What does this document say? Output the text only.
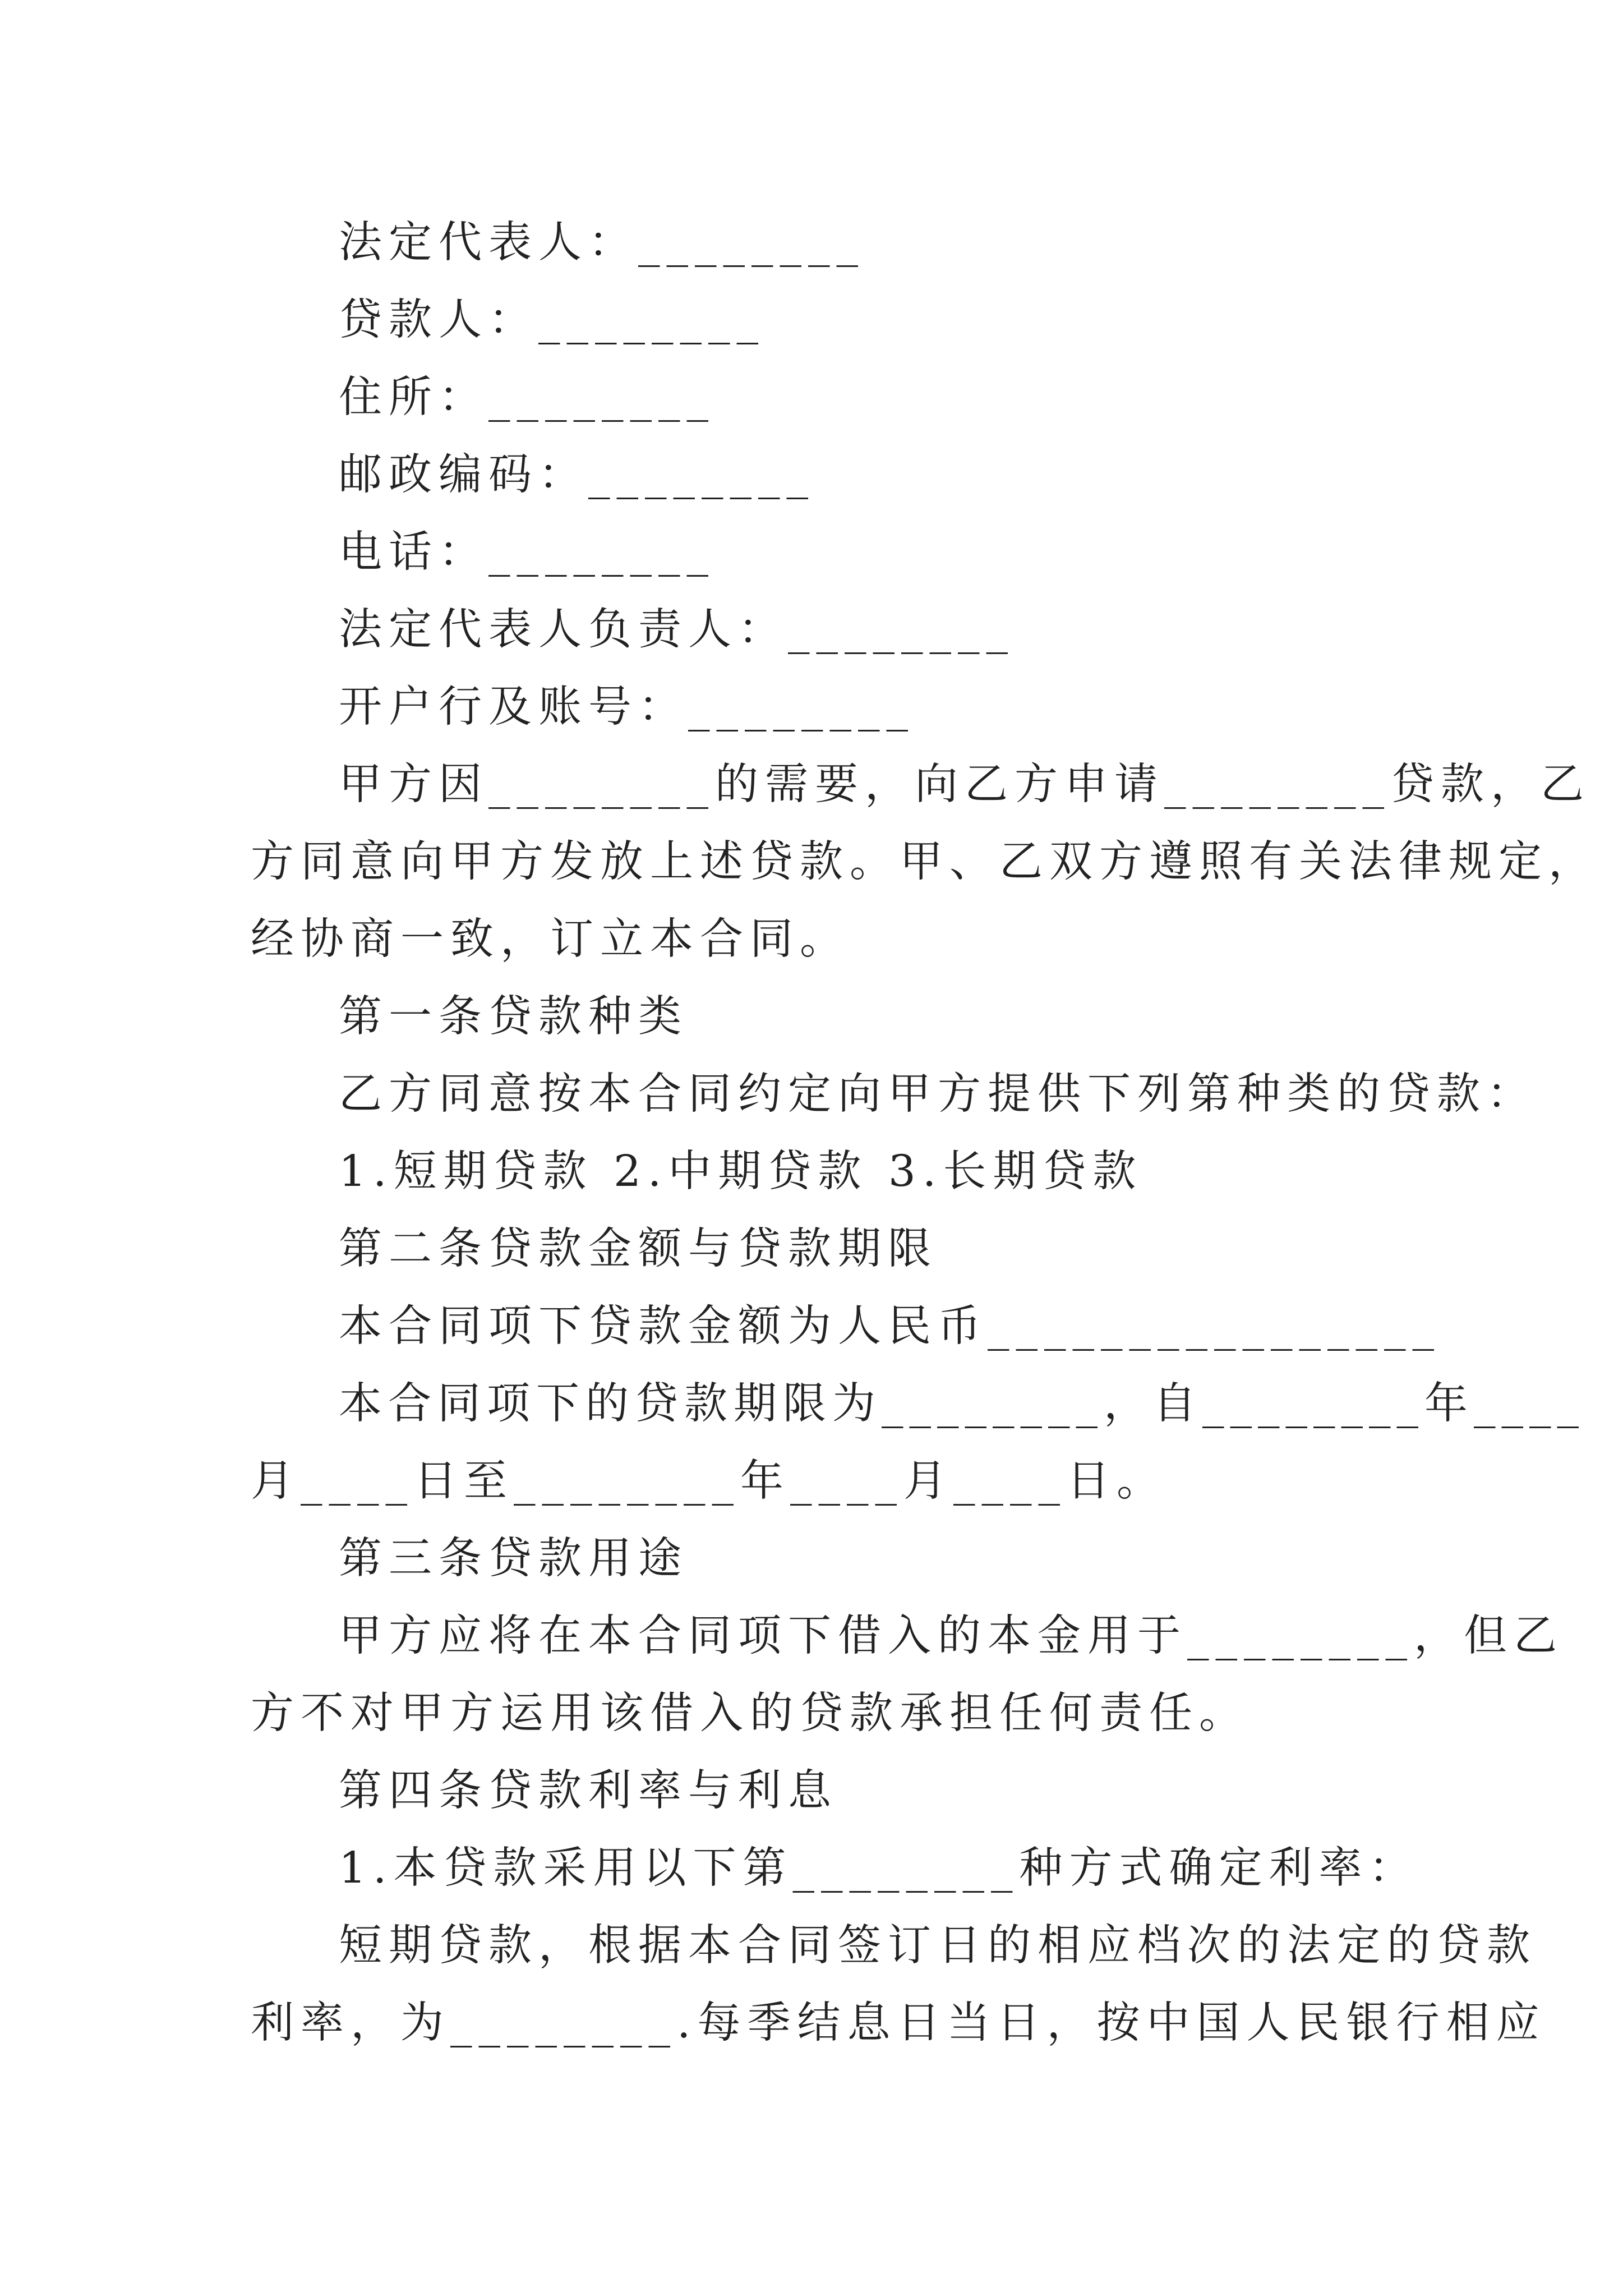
法定代表人：________

贷款人：________

住所：________

邮政编码：________

电话：________

法定代表人负责人：________

开户行及账号：________

甲方因________的需要，向乙方申请________贷款，乙

方同意向甲方发放上述贷款。甲、乙双方遵照有关法律规定，

经协商一致，订立本合同。

第一条贷款种类

乙方同意按本合同约定向甲方提供下列第种类的贷款：

1.短期贷款 2.中期贷款 3.长期贷款

第二条贷款金额与贷款期限

本合同项下贷款金额为人民币________________

本合同项下的贷款期限为________，自________年____

月____日至________年____月____日。

第三条贷款用途

甲方应将在本合同项下借入的本金用于________，但乙

方不对甲方运用该借入的贷款承担任何责任。

第四条贷款利率与利息

1.本贷款采用以下第________种方式确定利率：

短期贷款，根据本合同签订日的相应档次的法定的贷款

利率，为________.每季结息日当日，按中国人民银行相应
